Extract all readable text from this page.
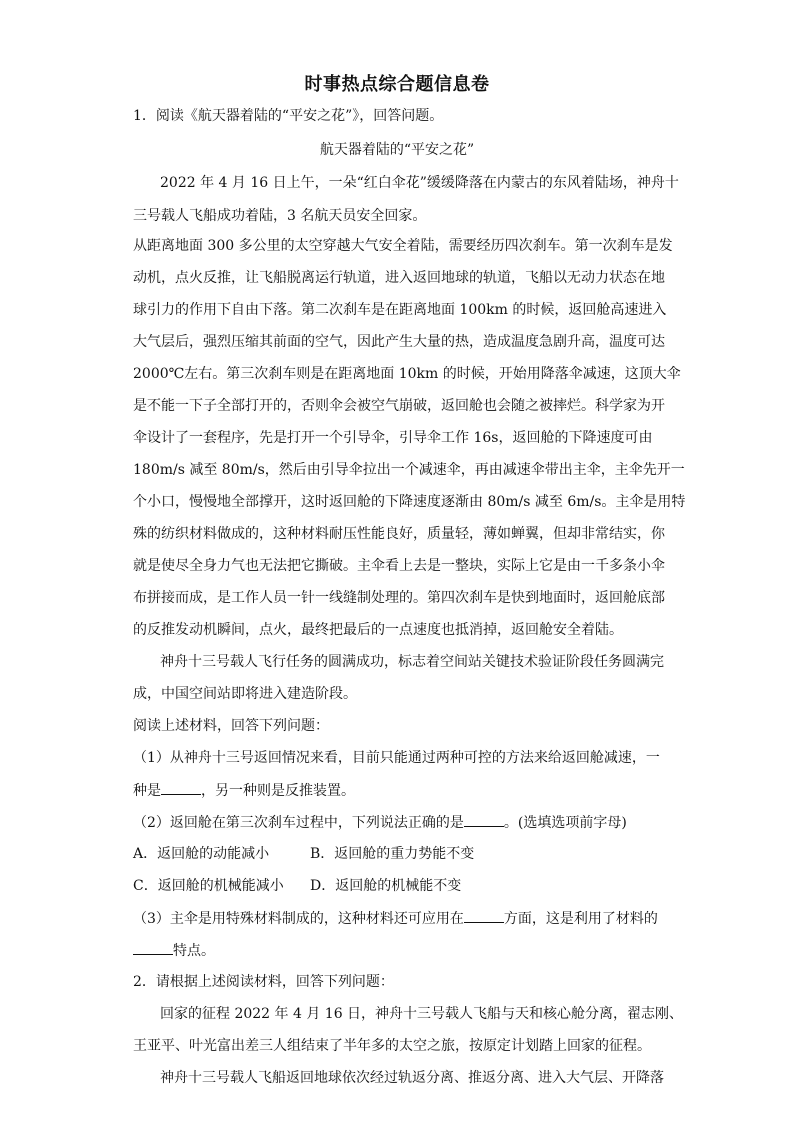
时事热点综合题信息卷
1．阅读《航天器着陆的“平安之花”》，回答问题。
航天器着陆的“平安之花”
2022 年 4 月 16 日上午，一朵“红白伞花”缓缓降落在内蒙古的东风着陆场，神舟十
三号载人飞船成功着陆，3 名航天员安全回家。
从距离地面 300 多公里的太空穿越大气安全着陆，需要经历四次刹车。第一次刹车是发
动机，点火反推，让飞船脱离运行轨道，进入返回地球的轨道，飞船以无动力状态在地
球引力的作用下自由下落。第二次刹车是在距离地面 100km 的时候，返回舱高速进入
大气层后，强烈压缩其前面的空气，因此产生大量的热，造成温度急剧升高，温度可达
2000℃左右。第三次刹车则是在距离地面 10km 的时候，开始用降落伞减速，这顶大伞
是不能一下子全部打开的，否则伞会被空气崩破，返回舱也会随之被摔烂。科学家为开
伞设计了一套程序，先是打开一个引导伞，引导伞工作 16s，返回舱的下降速度可由
180m/s 减至 80m/s，然后由引导伞拉出一个减速伞，再由减速伞带出主伞，主伞先开一
个小口，慢慢地全部撑开，这时返回舱的下降速度逐渐由 80m/s 减至 6m/s。主伞是用特
殊的纺织材料做成的，这种材料耐压性能良好，质量轻，薄如蝉翼，但却非常结实，你
就是使尽全身力气也无法把它撕破。主伞看上去是一整块，实际上它是由一千多条小伞
布拼接而成，是工作人员一针一线缝制处理的。第四次刹车是快到地面时，返回舱底部
的反推发动机瞬间，点火，最终把最后的一点速度也抵消掉，返回舱安全着陆。
神舟十三号载人飞行任务的圆满成功，标志着空间站关键技术验证阶段任务圆满完
成，中国空间站即将进入建造阶段。
阅读上述材料，回答下列问题：
（1）从神舟十三号返回情况来看，目前只能通过两种可控的方法来给返回舱减速，一
种是	，另一种则是反推装置。
（2）返回舱在第三次刹车过程中，下列说法正确的是	。(选填选项前字母)
A．返回舱的动能减小	B．返回舱的重力势能不变
C．返回舱的机械能减小 D．返回舱的机械能不变
（3）主伞是用特殊材料制成的，这种材料还可应用在	方面，这是利用了材料的
特点。
2．请根据上述阅读材料，回答下列问题：
回家的征程 2022 年 4 月 16 日，神舟十三号载人飞船与天和核心舱分离，翟志刚、
王亚平、叶光富出差三人组结束了半年多的太空之旅，按原定计划踏上回家的征程。
神舟十三号载人飞船返回地球依次经过轨返分离、推返分离、进入大气层、开降落
